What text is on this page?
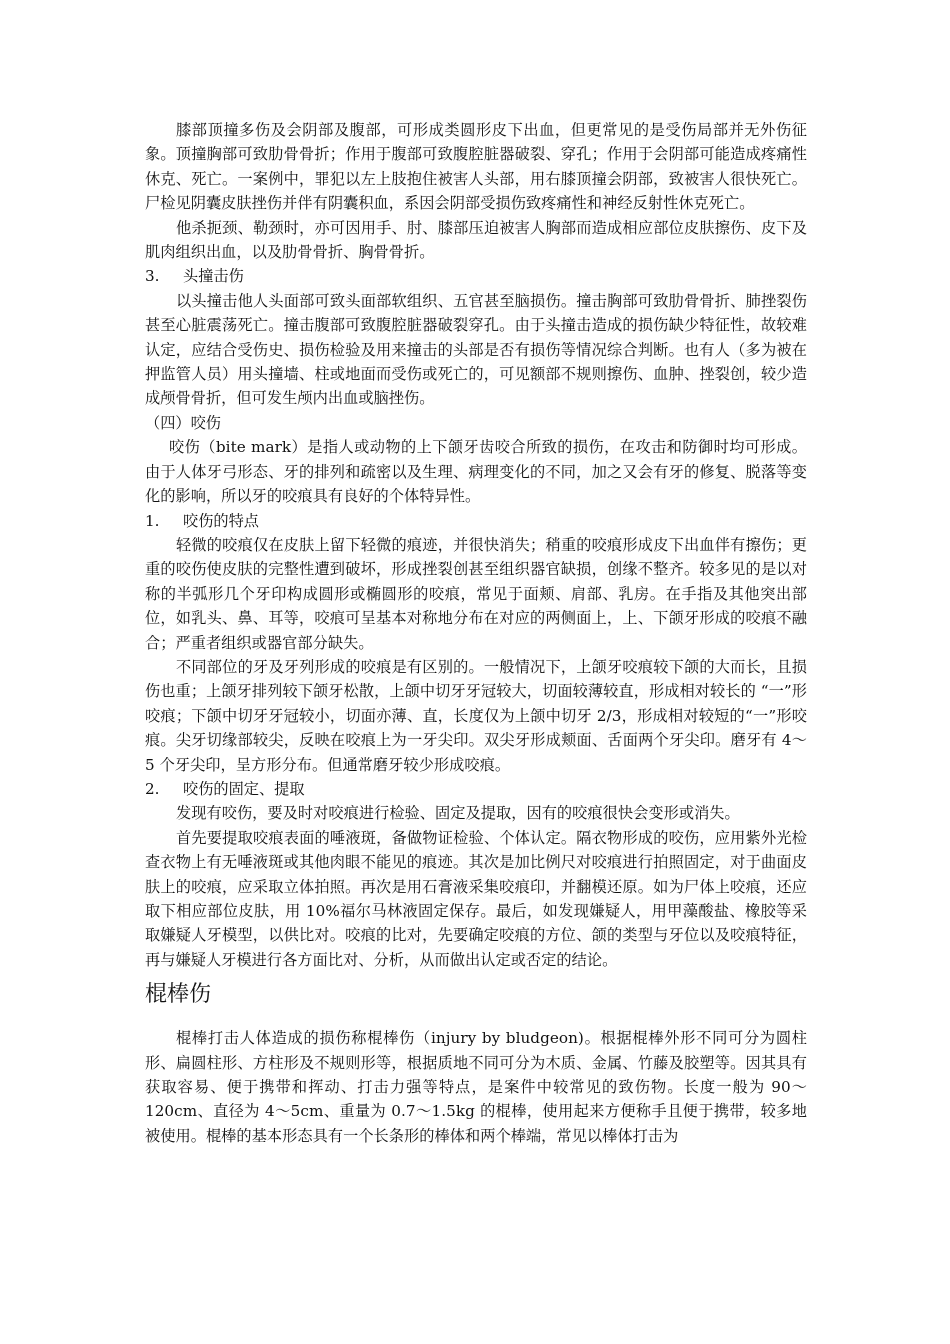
膝部顶撞多伤及会阴部及腹部，可形成类圆形皮下出血，但更常见的是受伤局部并无外伤征象。顶撞胸部可致肋骨骨折；作用于腹部可致腹腔脏器破裂、穿孔；作用于会阴部可能造成疼痛性休克、死亡。一案例中，罪犯以左上肢抱住被害人头部，用右膝顶撞会阴部，致被害人很快死亡。尸检见阴囊皮肤挫伤并伴有阴囊积血，系因会阴部受损伤致疼痛性和神经反射性休克死亡。

他杀扼颈、勒颈时，亦可因用手、肘、膝部压迫被害人胸部而造成相应部位皮肤擦伤、皮下及肌肉组织出血，以及肋骨骨折、胸骨骨折。

3. 头撞击伤

以头撞击他人头面部可致头面部软组织、五官甚至脑损伤。撞击胸部可致肋骨骨折、肺挫裂伤甚至心脏震荡死亡。撞击腹部可致腹腔脏器破裂穿孔。由于头撞击造成的损伤缺少特征性，故较难认定，应结合受伤史、损伤检验及用来撞击的头部是否有损伤等情况综合判断。也有人（多为被在押监管人员）用头撞墙、柱或地面而受伤或死亡的，可见额部不规则擦伤、血肿、挫裂创，较少造成颅骨骨折，但可发生颅内出血或脑挫伤。

（四）咬伤

咬伤（bite mark）是指人或动物的上下颌牙齿咬合所致的损伤，在攻击和防御时均可形成。由于人体牙弓形态、牙的排列和疏密以及生理、病理变化的不同，加之又会有牙的修复、脱落等变化的影响，所以牙的咬痕具有良好的个体特异性。

1. 咬伤的特点

轻微的咬痕仅在皮肤上留下轻微的痕迹，并很快消失；稍重的咬痕形成皮下出血伴有擦伤；更重的咬伤使皮肤的完整性遭到破坏，形成挫裂创甚至组织器官缺损，创缘不整齐。较多见的是以对称的半弧形几个牙印构成圆形或椭圆形的咬痕，常见于面颊、肩部、乳房。在手指及其他突出部位，如乳头、鼻、耳等，咬痕可呈基本对称地分布在对应的两侧面上，上、下颌牙形成的咬痕不融合；严重者组织或器官部分缺失。

不同部位的牙及牙列形成的咬痕是有区别的。一般情况下，上颌牙咬痕较下颌的大而长，且损伤也重；上颌牙排列较下颌牙松散，上颌中切牙牙冠较大，切面较薄较直，形成相对较长的 “一”形咬痕；下颌中切牙牙冠较小，切面亦薄、直，长度仅为上颌中切牙 2/3，形成相对较短的“一”形咬痕。尖牙切缘部较尖，反映在咬痕上为一牙尖印。双尖牙形成颊面、舌面两个牙尖印。磨牙有 4～5 个牙尖印，呈方形分布。但通常磨牙较少形成咬痕。

2. 咬伤的固定、提取

发现有咬伤，要及时对咬痕进行检验、固定及提取，因有的咬痕很快会变形或消失。

首先要提取咬痕表面的唾液斑，备做物证检验、个体认定。隔衣物形成的咬伤，应用紫外光检查衣物上有无唾液斑或其他肉眼不能见的痕迹。其次是加比例尺对咬痕进行拍照固定，对于曲面皮肤上的咬痕，应采取立体拍照。再次是用石膏液采集咬痕印，并翻模还原。如为尸体上咬痕，还应取下相应部位皮肤，用 10%福尔马林液固定保存。最后，如发现嫌疑人，用甲藻酸盐、橡胶等采取嫌疑人牙模型，以供比对。咬痕的比对，先要确定咬痕的方位、颌的类型与牙位以及咬痕特征，再与嫌疑人牙模进行各方面比对、分析，从而做出认定或否定的结论。

棍棒伤

棍棒打击人体造成的损伤称棍棒伤（injury by bludgeon)。根据棍棒外形不同可分为圆柱形、扁圆柱形、方柱形及不规则形等，根据质地不同可分为木质、金属、竹藤及胶塑等。因其具有获取容易、便于携带和挥动、打击力强等特点，是案件中较常见的致伤物。长度一般为 90～120cm、直径为 4～5cm、重量为 0.7～1.5kg 的棍棒，使用起来方便称手且便于携带，较多地被使用。棍棒的基本形态具有一个长条形的棒体和两个棒端，常见以棒体打击为
